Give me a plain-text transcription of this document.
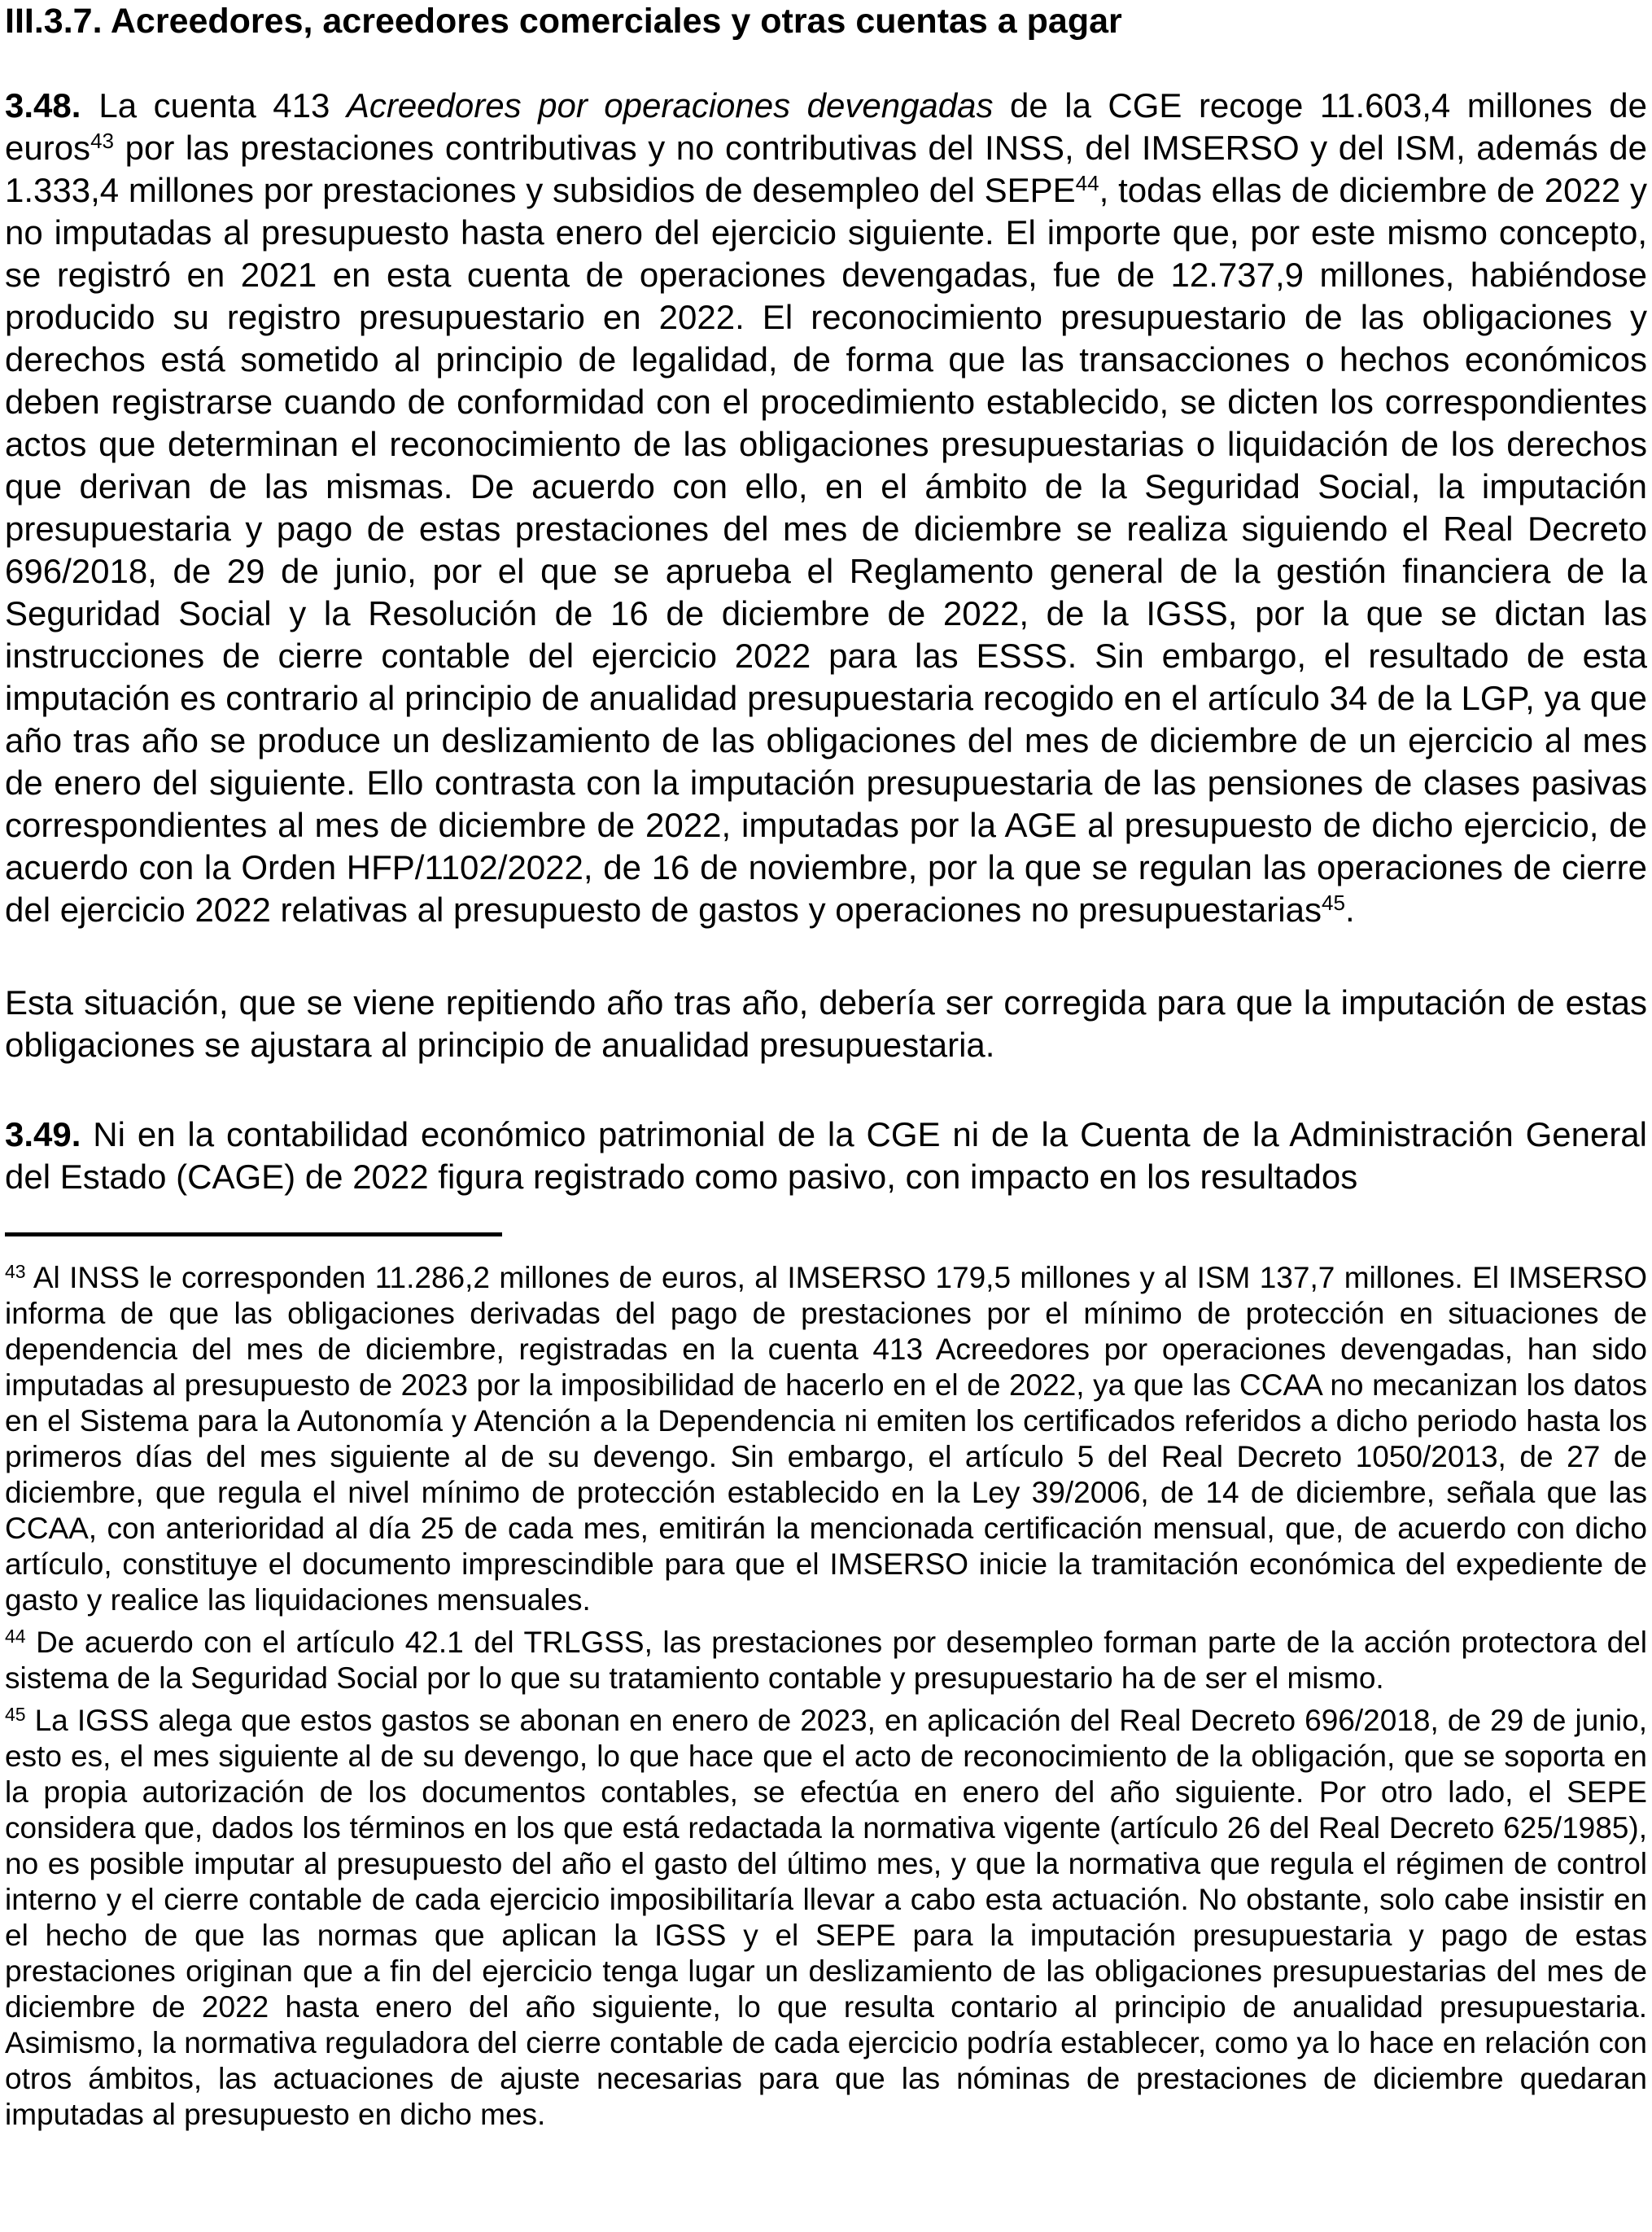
III.3.7. Acreedores, acreedores comerciales y otras cuentas a pagar

3.48. La cuenta 413 Acreedores por operaciones devengadas de la CGE recoge 11.603,4 millones de euros$^{43}$ por las prestaciones contributivas y no contributivas del INSS, del IMSERSO y del ISM, además de 1.333,4 millones por prestaciones y subsidios de desempleo del SEPE$^{44}$, todas ellas de diciembre de 2022 y no imputadas al presupuesto hasta enero del ejercicio siguiente. El importe que, por este mismo concepto, se registró en 2021 en esta cuenta de operaciones devengadas, fue de 12.737,9 millones, habiéndose producido su registro presupuestario en 2022. El reconocimiento presupuestario de las obligaciones y derechos está sometido al principio de legalidad, de forma que las transacciones o hechos económicos deben registrarse cuando de conformidad con el procedimiento establecido, se dicten los correspondientes actos que determinan el reconocimiento de las obligaciones presupuestarias o liquidación de los derechos que derivan de las mismas. De acuerdo con ello, en el ámbito de la Seguridad Social, la imputación presupuestaria y pago de estas prestaciones del mes de diciembre se realiza siguiendo el Real Decreto 696/2018, de 29 de junio, por el que se aprueba el Reglamento general de la gestión financiera de la Seguridad Social y la Resolución de 16 de diciembre de 2022, de la IGSS, por la que se dictan las instrucciones de cierre contable del ejercicio 2022 para las ESSS. Sin embargo, el resultado de esta imputación es contrario al principio de anualidad presupuestaria recogido en el artículo 34 de la LGP, ya que año tras año se produce un deslizamiento de las obligaciones del mes de diciembre de un ejercicio al mes de enero del siguiente. Ello contrasta con la imputación presupuestaria de las pensiones de clases pasivas correspondientes al mes de diciembre de 2022, imputadas por la AGE al presupuesto de dicho ejercicio, de acuerdo con la Orden HFP/1102/2022, de 16 de noviembre, por la que se regulan las operaciones de cierre del ejercicio 2022 relativas al presupuesto de gastos y operaciones no presupuestarias$^{45}$.

Esta situación, que se viene repitiendo año tras año, debería ser corregida para que la imputación de estas obligaciones se ajustara al principio de anualidad presupuestaria.

3.49. Ni en la contabilidad económico patrimonial de la CGE ni de la Cuenta de la Administración General del Estado (CAGE) de 2022 figura registrado como pasivo, con impacto en los resultados

$^{43}$ Al INSS le corresponden 11.286,2 millones de euros, al IMSERSO 179,5 millones y al ISM 137,7 millones. El IMSERSO informa de que las obligaciones derivadas del pago de prestaciones por el mínimo de protección en situaciones de dependencia del mes de diciembre, registradas en la cuenta 413 Acreedores por operaciones devengadas, han sido imputadas al presupuesto de 2023 por la imposibilidad de hacerlo en el de 2022, ya que las CCAA no mecanizan los datos en el Sistema para la Autonomía y Atención a la Dependencia ni emiten los certificados referidos a dicho periodo hasta los primeros días del mes siguiente al de su devengo. Sin embargo, el artículo 5 del Real Decreto 1050/2013, de 27 de diciembre, que regula el nivel mínimo de protección establecido en la Ley 39/2006, de 14 de diciembre, señala que las CCAA, con anterioridad al día 25 de cada mes, emitirán la mencionada certificación mensual, que, de acuerdo con dicho artículo, constituye el documento imprescindible para que el IMSERSO inicie la tramitación económica del expediente de gasto y realice las liquidaciones mensuales.

$^{44}$ De acuerdo con el artículo 42.1 del TRLGSS, las prestaciones por desempleo forman parte de la acción protectora del sistema de la Seguridad Social por lo que su tratamiento contable y presupuestario ha de ser el mismo.

$^{45}$ La IGSS alega que estos gastos se abonan en enero de 2023, en aplicación del Real Decreto 696/2018, de 29 de junio, esto es, el mes siguiente al de su devengo, lo que hace que el acto de reconocimiento de la obligación, que se soporta en la propia autorización de los documentos contables, se efectúa en enero del año siguiente. Por otro lado, el SEPE considera que, dados los términos en los que está redactada la normativa vigente (artículo 26 del Real Decreto 625/1985), no es posible imputar al presupuesto del año el gasto del último mes, y que la normativa que regula el régimen de control interno y el cierre contable de cada ejercicio imposibilitaría llevar a cabo esta actuación. No obstante, solo cabe insistir en el hecho de que las normas que aplican la IGSS y el SEPE para la imputación presupuestaria y pago de estas prestaciones originan que a fin del ejercicio tenga lugar un deslizamiento de las obligaciones presupuestarias del mes de diciembre de 2022 hasta enero del año siguiente, lo que resulta contario al principio de anualidad presupuestaria. Asimismo, la normativa reguladora del cierre contable de cada ejercicio podría establecer, como ya lo hace en relación con otros ámbitos, las actuaciones de ajuste necesarias para que las nóminas de prestaciones de diciembre quedaran imputadas al presupuesto en dicho mes.
